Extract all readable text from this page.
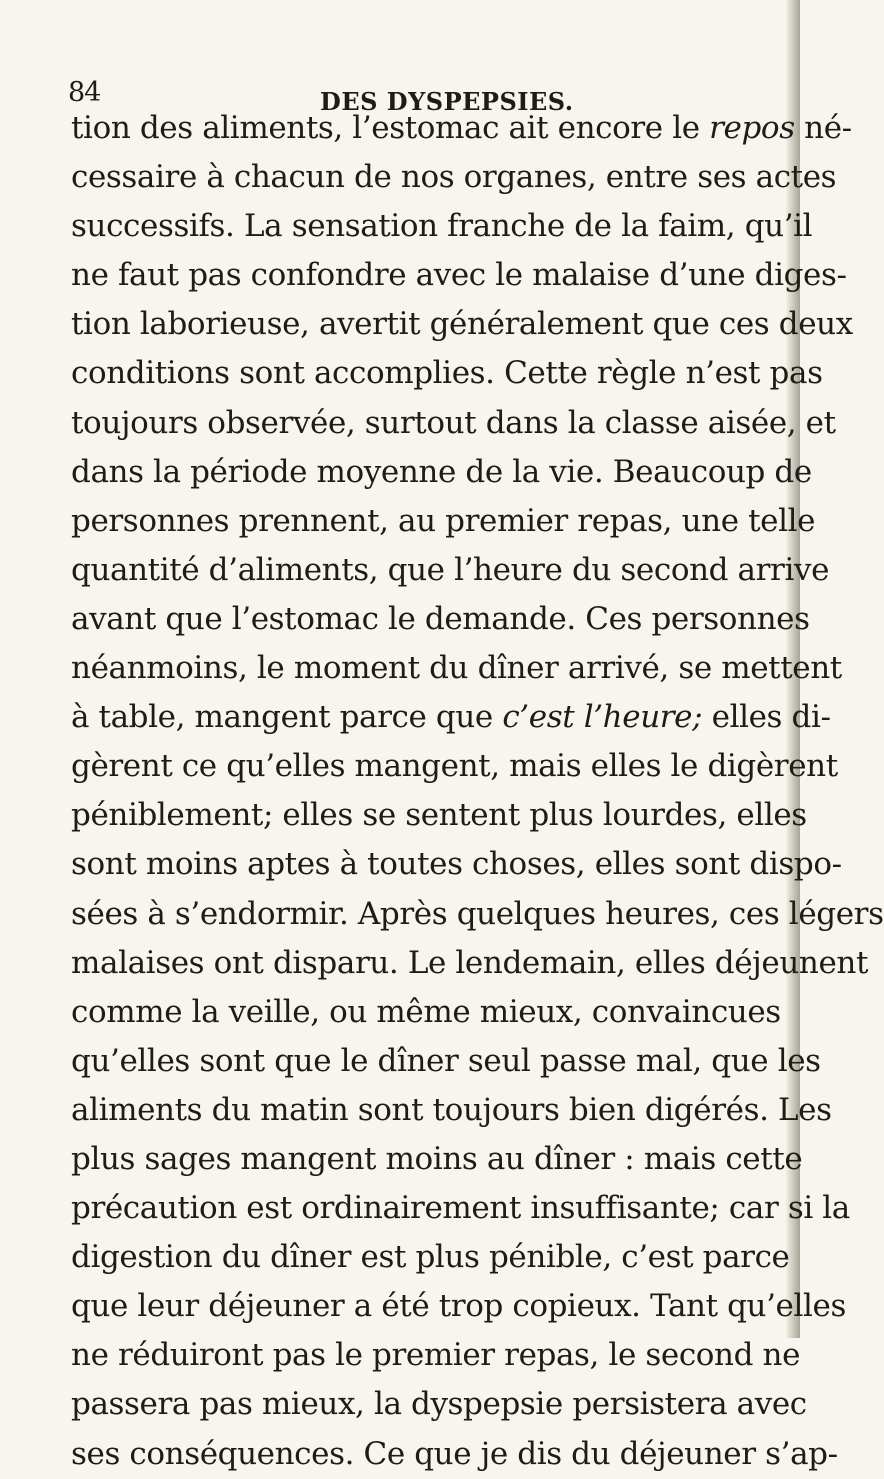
84	DES DYSPEPSIES.
tion des aliments, l’estomac ait encore le repos né-
cessaire à chacun de nos organes, entre ses actes
successifs. La sensation franche de la faim, qu’il
ne faut pas confondre avec le malaise d’une diges-
tion laborieuse, avertit généralement que ces deux
conditions sont accomplies. Cette règle n’est pas
toujours observée, surtout dans la classe aisée, et
dans la période moyenne de la vie. Beaucoup de
personnes prennent, au premier repas, une telle
quantité d’aliments, que l’heure du second arrive
avant que l’estomac le demande. Ces personnes
néanmoins, le moment du dîner arrivé, se mettent
à table, mangent parce que c’est l’heure; elles di-
gèrent ce qu’elles mangent, mais elles le digèrent
péniblement; elles se sentent plus lourdes, elles
sont moins aptes à toutes choses, elles sont dispo-
sées à s’endormir. Après quelques heures, ces légers
malaises ont disparu. Le lendemain, elles déjeunent
comme la veille, ou même mieux, convaincues
qu’elles sont que le dîner seul passe mal, que les
aliments du matin sont toujours bien digérés. Les
plus sages mangent moins au dîner : mais cette
précaution est ordinairement insuffisante; car si la
digestion du dîner est plus pénible, c’est parce
que leur déjeuner a été trop copieux. Tant qu’elles
ne réduiront pas le premier repas, le second ne
passera pas mieux, la dyspepsie persistera avec
ses conséquences. Ce que je dis du déjeuner s’ap-
